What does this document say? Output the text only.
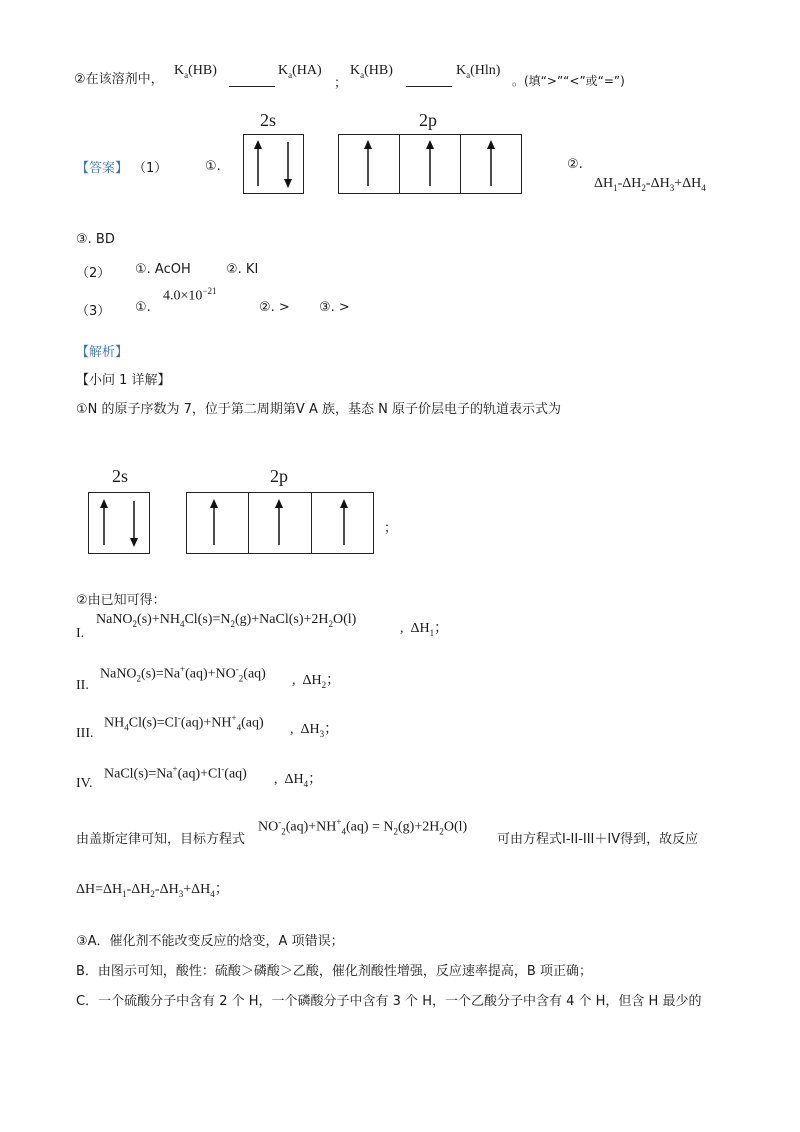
②在该溶剂中，
$K_a(HB)$	$K_a(HA)$
；
$K_a(HB)$	$K_a(Hln)$
。(填“>”“<”或“=”)
2s	2p
【答案】 （1）	①.	②.
$\Delta H_1-\Delta H_2-\Delta H_3+\Delta H_4$
③. BD
（2） ①. AcOH	②. KI
（3） ①.
$4.0\times 10^{-21}$
②. > ③. >
【解析】
【小问 1 详解】
①N 的原子序数为 7，位于第二周期第Ⅴ A 族，基态 N 原子价层电子的轨道表示式为
2s	2p
；
②由已知可得：
I.
$NaNO_2(s)+NH_4Cl(s)=N_2(g)+NaCl(s)+2H_2O(l)$
,  $\Delta H_1$；
II.
$NaNO_2(s)=Na^+(aq)+NO^-_2(aq)$ ,  $\Delta H_2$；
III.
$NH_4Cl(s)=Cl^-(aq)+NH^+_4(aq)$ ,  $\Delta H_3$；
IV.
NaCl(s)=Na+(aq)+Cl-(aq) ,  $\Delta H_4$；
由盖斯定律可知，目标方程式
$NO^-_2(aq)+NH^+_4(aq) = N_2(g)+2H_2O(l)$
可由方程式I-II-III＋IV得到，故反应
$\Delta H=\Delta H_1-\Delta H_2-\Delta H_3+\Delta H_4$；
③A．催化剂不能改变反应的焓变，A 项错误；
B．由图示可知，酸性：硫酸＞磷酸＞乙酸，催化剂酸性增强，反应速率提高，B 项正确；
C．一个硫酸分子中含有 2 个 H，一个磷酸分子中含有 3 个 H，一个乙酸分子中含有 4 个 H，但含 H 最少的
